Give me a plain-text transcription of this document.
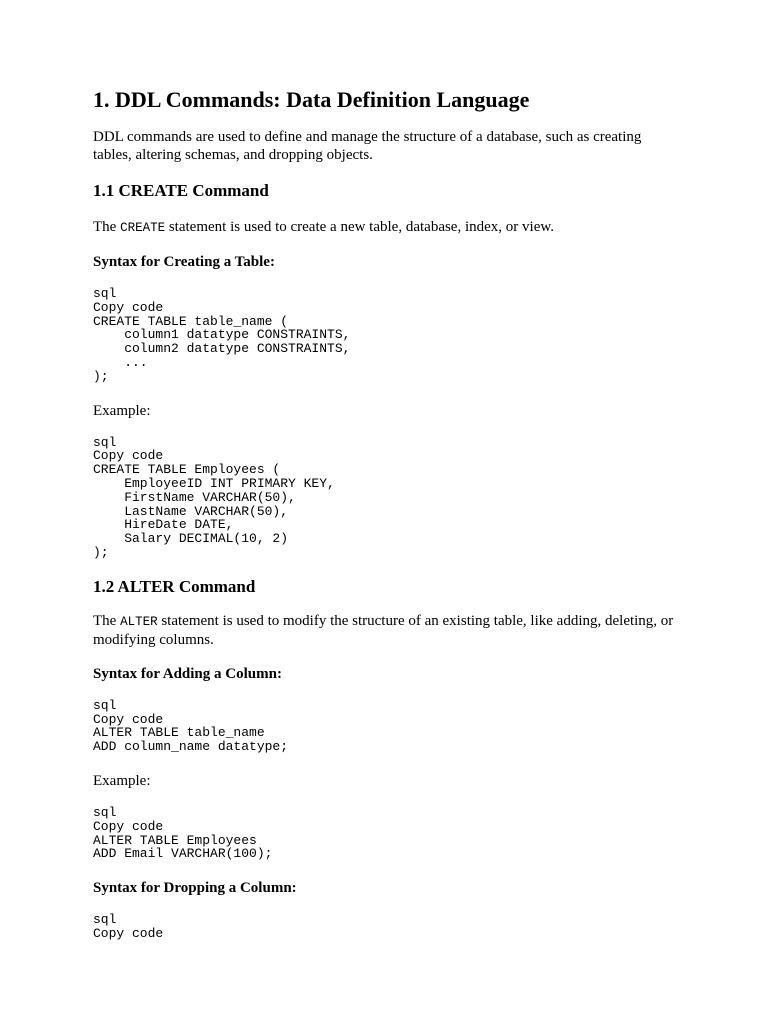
1. DDL Commands: Data Definition Language

DDL commands are used to define and manage the structure of a database, such as creating tables, altering schemas, and dropping objects.

1.1 CREATE Command

The CREATE statement is used to create a new table, database, index, or view.

Syntax for Creating a Table:
sql
Copy code
CREATE TABLE table_name (
column1 datatype CONSTRAINTS,
column2 datatype CONSTRAINTS,
...
);

Example:

sql
Copy code
CREATE TABLE Employees (
EmployeeID INT PRIMARY KEY,
FirstName VARCHAR(50),
LastName VARCHAR(50),
HireDate DATE,
Salary DECIMAL(10, 2)
);
1.2 ALTER Command

The ALTER statement is used to modify the structure of an existing table, like adding, deleting, or modifying columns.

Syntax for Adding a Column:
sql
Copy code
ALTER TABLE table_name
ADD column_name datatype;

Example:

sql
Copy code
ALTER TABLE Employees
ADD Email VARCHAR(100);
Syntax for Dropping a Column:
sql
Copy code
